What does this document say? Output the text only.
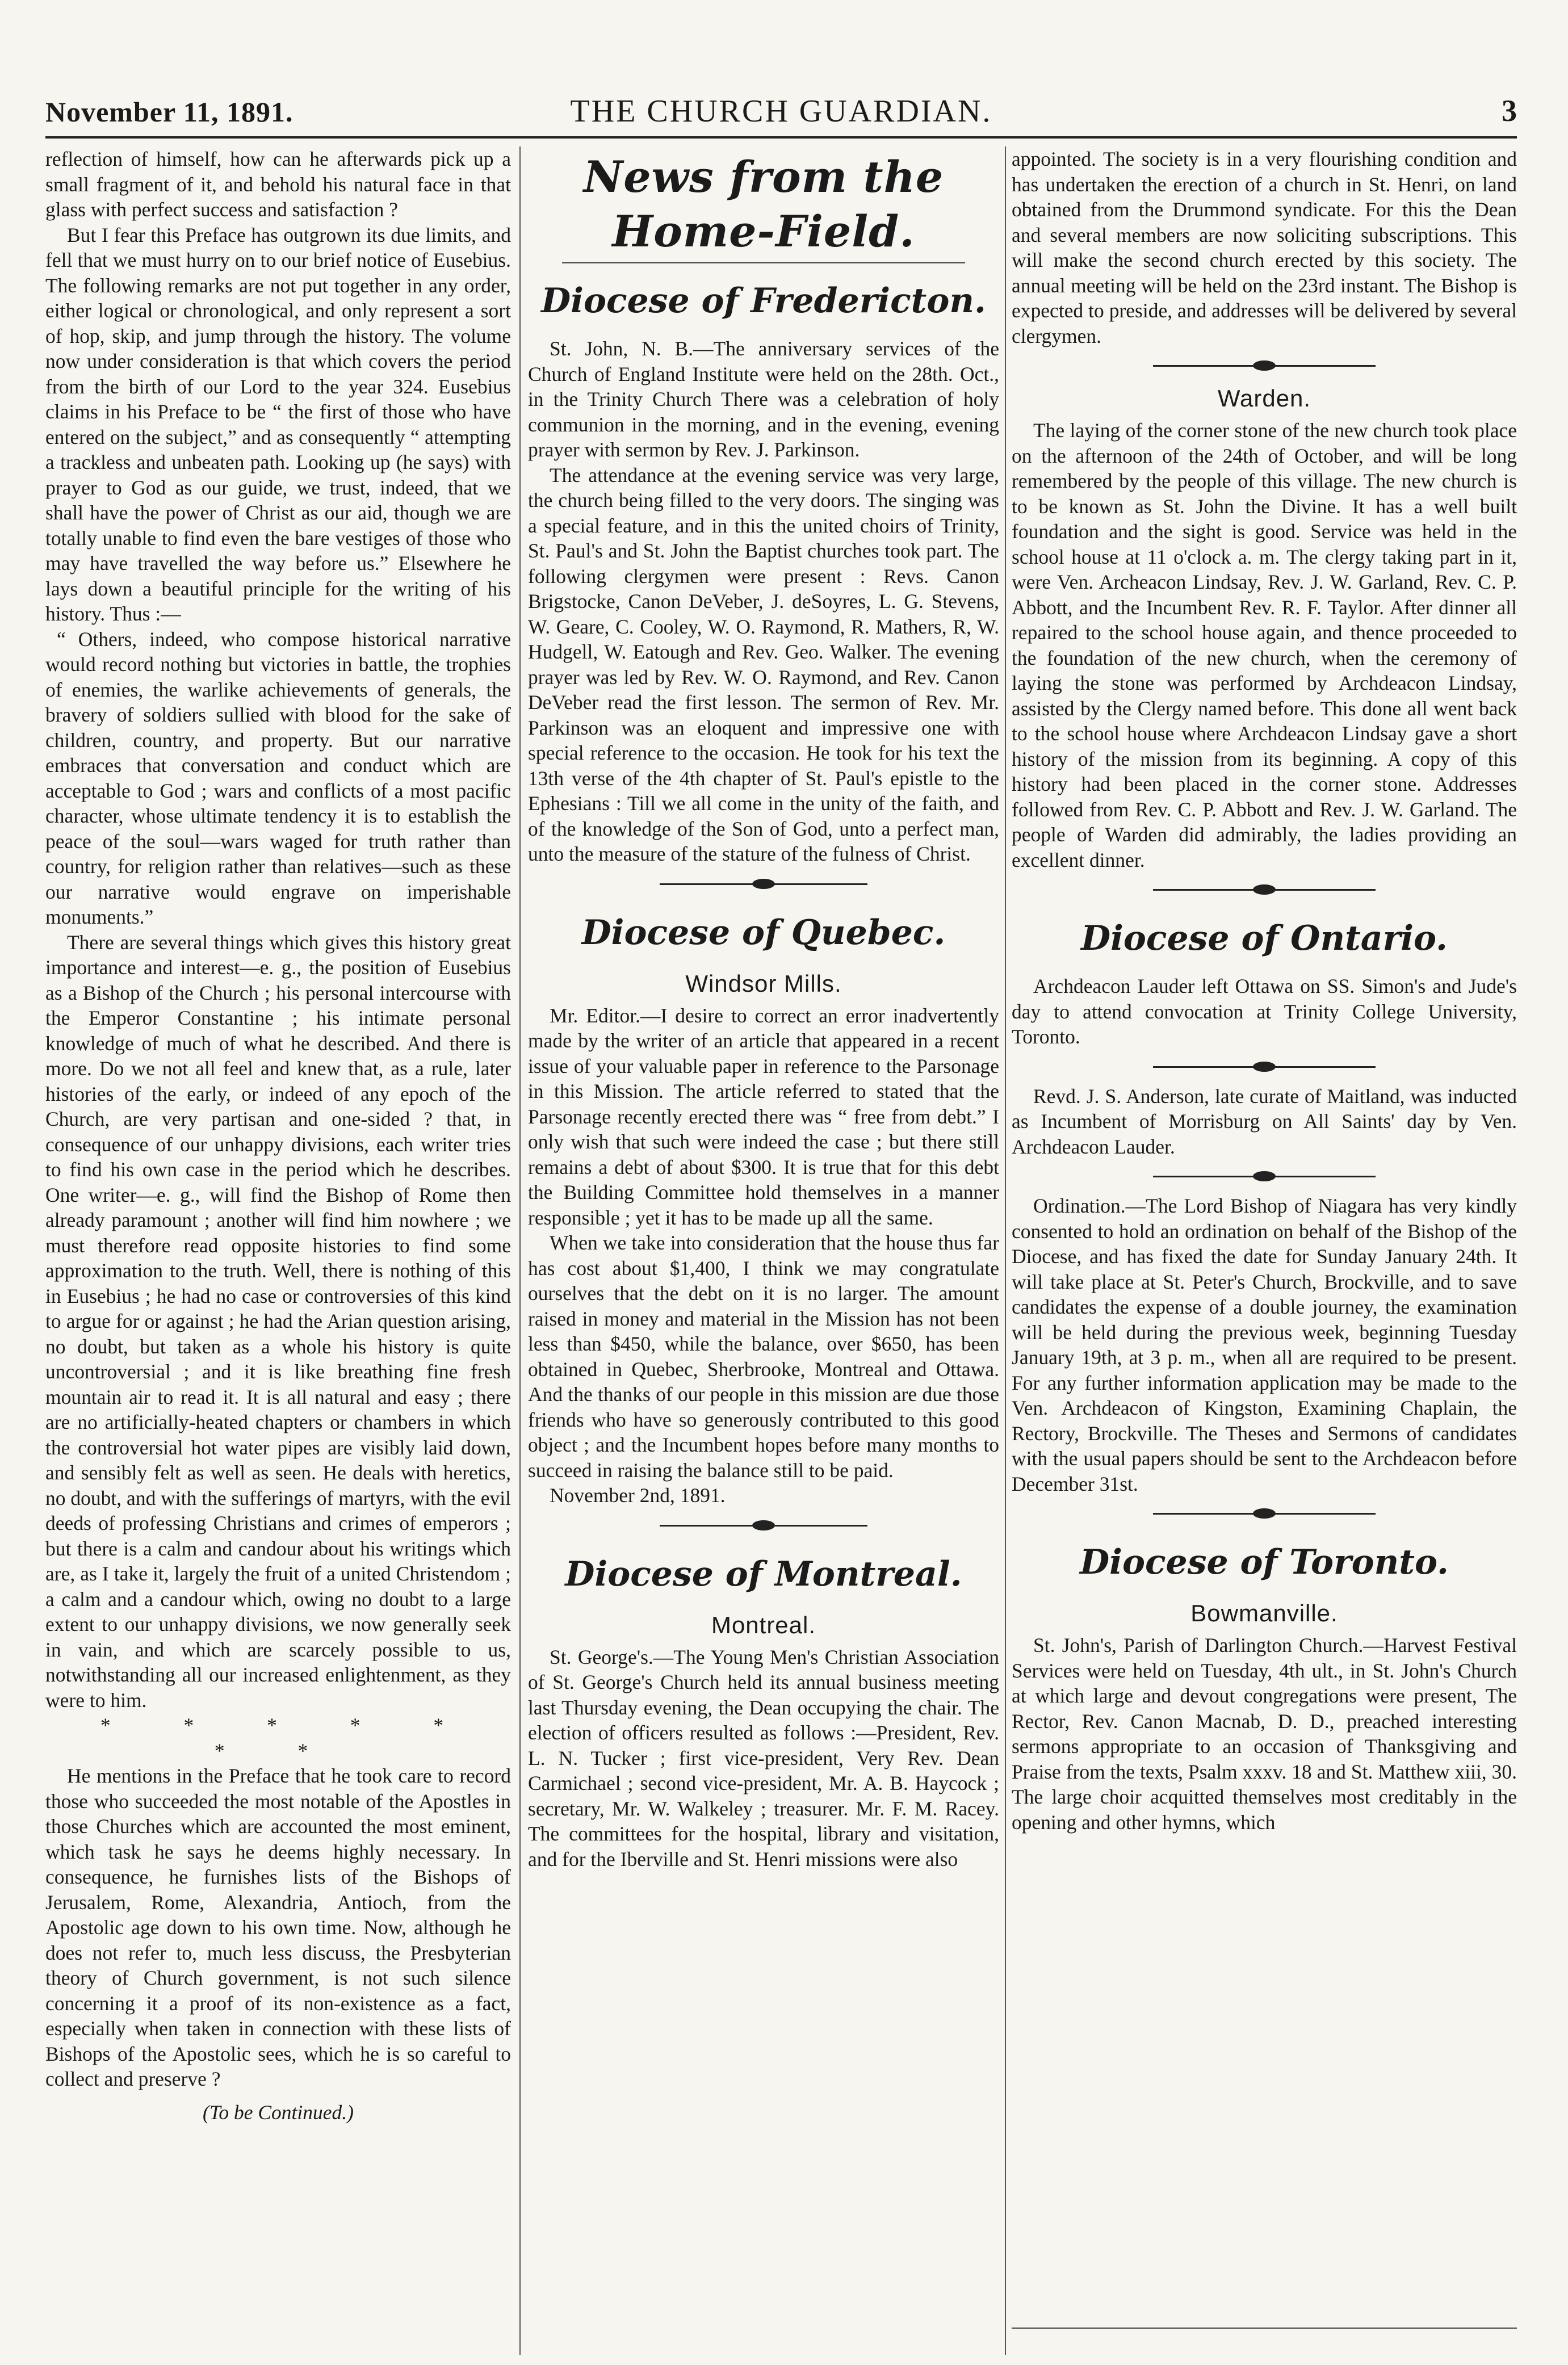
November 11, 1891.	THE CHURCH GUARDIAN.	3

reflection of himself, how can he afterwards pick up a small fragment of it, and behold his natural face in that glass with perfect success and satisfaction ?

But I fear this Preface has outgrown its due limits, and fell that we must hurry on to our brief notice of Eusebius. The following remarks are not put together in any order, either logical or chronological, and only represent a sort of hop, skip, and jump through the history. The volume now under consideration is that which covers the period from the birth of our Lord to the year 324. Eusebius claims in his Preface to be “ the first of those who have entered on the subject,” and as consequently “ attempting a trackless and unbeaten path. Looking up (he says) with prayer to God as our guide, we trust, indeed, that we shall have the power of Christ as our aid, though we are totally unable to find even the bare vestiges of those who may have travelled the way before us.” Elsewhere he lays down a beautiful principle for the writing of his history. Thus :—

“ Others, indeed, who compose historical narrative would record nothing but victories in battle, the trophies of enemies, the warlike achievements of generals, the bravery of soldiers sullied with blood for the sake of children, country, and property. But our narrative embraces that conversation and conduct which are acceptable to God ; wars and conflicts of a most pacific character, whose ultimate tendency it is to establish the peace of the soul—wars waged for truth rather than country, for religion rather than relatives—such as these our narrative would engrave on imperishable monuments.”

There are several things which gives this history great importance and interest—e. g., the position of Eusebius as a Bishop of the Church ; his personal intercourse with the Emperor Constantine ; his intimate personal knowledge of much of what he described. And there is more. Do we not all feel and knew that, as a rule, later histories of the early, or indeed of any epoch of the Church, are very partisan and one-sided ? that, in consequence of our unhappy divisions, each writer tries to find his own case in the period which he describes. One writer—e. g., will find the Bishop of Rome then already paramount ; another will find him nowhere ; we must therefore read opposite histories to find some approximation to the truth. Well, there is nothing of this in Eusebius ; he had no case or controversies of this kind to argue for or against ; he had the Arian question arising, no doubt, but taken as a whole his history is quite uncontroversial ; and it is like breathing fine fresh mountain air to read it. It is all natural and easy ; there are no artificially-heated chapters or chambers in which the controversial hot water pipes are visibly laid down, and sensibly felt as well as seen. He deals with heretics, no doubt, and with the sufferings of martyrs, with the evil deeds of professing Christians and crimes of emperors ; but there is a calm and candour about his writings which are, as I take it, largely the fruit of a united Christendom ; a calm and a candour which, owing no doubt to a large extent to our unhappy divisions, we now generally seek in vain, and which are scarcely possible to us, notwithstanding all our increased enlightenment, as they were to him.

* * * * * * *

He mentions in the Preface that he took care to record those who succeeded the most notable of the Apostles in those Churches which are accounted the most eminent, which task he says he deems highly necessary. In consequence, he furnishes lists of the Bishops of Jerusalem, Rome, Alexandria, Antioch, from the Apostolic age down to his own time. Now, although he does not refer to, much less discuss, the Presbyterian theory of Church government, is not such silence concerning it a proof of its non-existence as a fact, especially when taken in connection with these lists of Bishops of the Apostolic sees, which he is so careful to collect and preserve ?

(To be Continued.)
News from the Home-Field.
Diocese of Fredericton.

St. John, N. B.—The anniversary services of the Church of England Institute were held on the 28th. Oct., in the Trinity Church There was a celebration of holy communion in the morning, and in the evening, evening prayer with sermon by Rev. J. Parkinson.

The attendance at the evening service was very large, the church being filled to the very doors. The singing was a special feature, and in this the united choirs of Trinity, St. Paul's and St. John the Baptist churches took part. The following clergymen were present : Revs. Canon Brigstocke, Canon DeVeber, J. deSoyres, L. G. Stevens, W. Geare, C. Cooley, W. O. Raymond, R. Mathers, R, W. Hudgell, W. Eatough and Rev. Geo. Walker. The evening prayer was led by Rev. W. O. Raymond, and Rev. Canon DeVeber read the first lesson. The sermon of Rev. Mr. Parkinson was an eloquent and impressive one with special reference to the occasion. He took for his text the 13th verse of the 4th chapter of St. Paul's epistle to the Ephesians : Till we all come in the unity of the faith, and of the knowledge of the Son of God, unto a perfect man, unto the measure of the stature of the fulness of Christ.

Diocese of Quebec.
Windsor Mills.

Mr. Editor.—I desire to correct an error inadvertently made by the writer of an article that appeared in a recent issue of your valuable paper in reference to the Parsonage in this Mission. The article referred to stated that the Parsonage recently erected there was “ free from debt.” I only wish that such were indeed the case ; but there still remains a debt of about $300. It is true that for this debt the Building Committee hold themselves in a manner responsible ; yet it has to be made up all the same.

When we take into consideration that the house thus far has cost about $1,400, I think we may congratulate ourselves that the debt on it is no larger. The amount raised in money and material in the Mission has not been less than $450, while the balance, over $650, has been obtained in Quebec, Sherbrooke, Montreal and Ottawa. And the thanks of our people in this mission are due those friends who have so generously contributed to this good object ; and the Incumbent hopes before many months to succeed in raising the balance still to be paid.

November 2nd, 1891.

Diocese of Montreal.
Montreal.

St. George's.—The Young Men's Christian Association of St. George's Church held its annual business meeting last Thursday evening, the Dean occupying the chair. The election of officers resulted as follows :—President, Rev. L. N. Tucker ; first vice-president, Very Rev. Dean Carmichael ; second vice-president, Mr. A. B. Haycock ; secretary, Mr. W. Walkeley ; treasurer. Mr. F. M. Racey. The committees for the hospital, library and visitation, and for the Iberville and St. Henri missions were also

appointed. The society is in a very flourishing condition and has undertaken the erection of a church in St. Henri, on land obtained from the Drummond syndicate. For this the Dean and several members are now soliciting subscriptions. This will make the second church erected by this society. The annual meeting will be held on the 23rd instant. The Bishop is expected to preside, and addresses will be delivered by several clergymen.

Warden.

The laying of the corner stone of the new church took place on the afternoon of the 24th of October, and will be long remembered by the people of this village. The new church is to be known as St. John the Divine. It has a well built foundation and the sight is good. Service was held in the school house at 11 o'clock a. m. The clergy taking part in it, were Ven. Archeacon Lindsay, Rev. J. W. Garland, Rev. C. P. Abbott, and the Incumbent Rev. R. F. Taylor. After dinner all repaired to the school house again, and thence proceeded to the foundation of the new church, when the ceremony of laying the stone was performed by Archdeacon Lindsay, assisted by the Clergy named before. This done all went back to the school house where Archdeacon Lindsay gave a short history of the mission from its beginning. A copy of this history had been placed in the corner stone. Addresses followed from Rev. C. P. Abbott and Rev. J. W. Garland. The people of Warden did admirably, the ladies providing an excellent dinner.

Diocese of Ontario.

Archdeacon Lauder left Ottawa on SS. Simon's and Jude's day to attend convocation at Trinity College University, Toronto.

Revd. J. S. Anderson, late curate of Maitland, was inducted as Incumbent of Morrisburg on All Saints' day by Ven. Archdeacon Lauder.

Ordination.—The Lord Bishop of Niagara has very kindly consented to hold an ordination on behalf of the Bishop of the Diocese, and has fixed the date for Sunday January 24th. It will take place at St. Peter's Church, Brockville, and to save candidates the expense of a double journey, the examination will be held during the previous week, beginning Tuesday January 19th, at 3 p. m., when all are required to be present. For any further information application may be made to the Ven. Archdeacon of Kingston, Examining Chaplain, the Rectory, Brockville. The Theses and Sermons of candidates with the usual papers should be sent to the Archdeacon before December 31st.

Diocese of Toronto.
Bowmanville.

St. John's, Parish of Darlington Church.—Harvest Festival Services were held on Tuesday, 4th ult., in St. John's Church at which large and devout congregations were present, The Rector, Rev. Canon Macnab, D. D., preached interesting sermons appropriate to an occasion of Thanksgiving and Praise from the texts, Psalm xxxv. 18 and St. Matthew xiii, 30. The large choir acquitted themselves most creditably in the opening and other hymns, which
